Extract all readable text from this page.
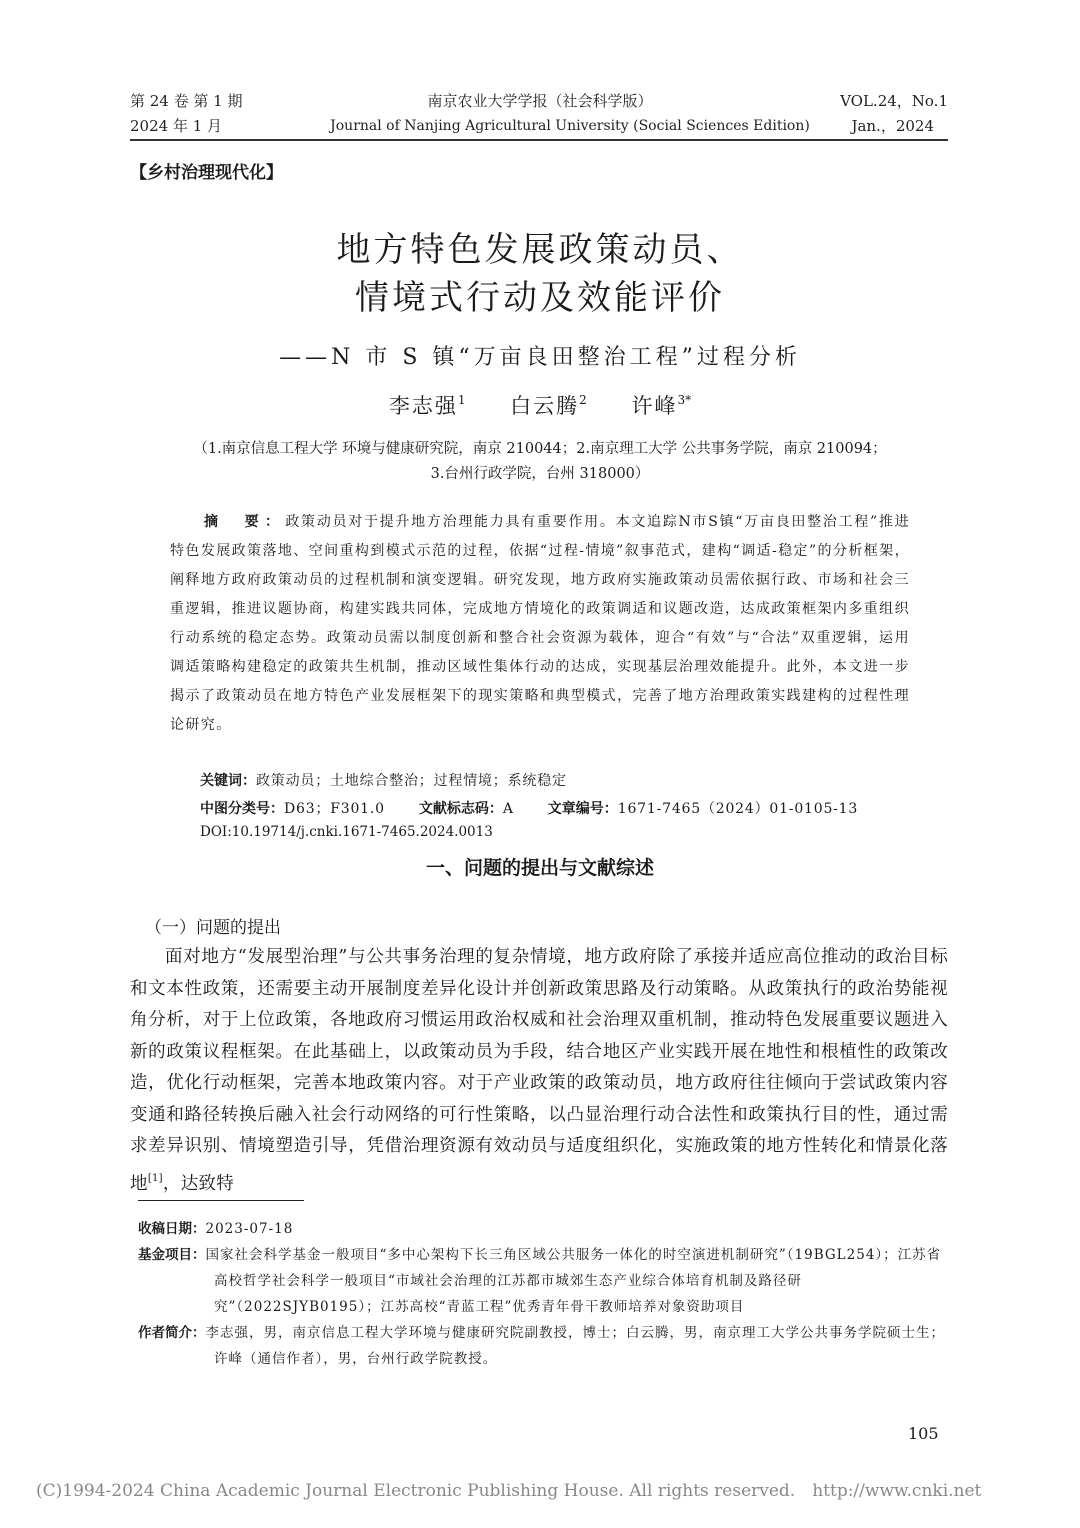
第 24 卷 第 1 期
2024 年 1 月
南京农业大学学报（社会科学版）
Journal of Nanjing Agricultural University (Social Sciences Edition)
VOL.24，No.1
Jan.，2024
【乡村治理现代化】
地方特色发展政策动员、
情境式行动及效能评价
——N 市 S 镇“万亩良田整治工程”过程分析
李志强$^1$ 白云腾$^2$ 许峰$^{3*}$
（1.南京信息工程大学 环境与健康研究院，南京 210044；2.南京理工大学 公共事务学院，南京 210094；
3.台州行政学院，台州 318000）
摘　要：政策动员对于提升地方治理能力具有重要作用。本文追踪N市S镇“万亩良田整治工程”推进特色发展政策落地、空间重构到模式示范的过程，依据“过程-情境”叙事范式，建构“调适-稳定”的分析框架，阐释地方政府政策动员的过程机制和演变逻辑。研究发现，地方政府实施政策动员需依据行政、市场和社会三重逻辑，推进议题协商，构建实践共同体，完成地方情境化的政策调适和议题改造，达成政策框架内多重组织行动系统的稳定态势。政策动员需以制度创新和整合社会资源为载体，迎合“有效”与“合法”双重逻辑，运用调适策略构建稳定的政策共生机制，推动区域性集体行动的达成，实现基层治理效能提升。此外，本文进一步揭示了政策动员在地方特色产业发展框架下的现实策略和典型模式，完善了地方治理政策实践建构的过程性理论研究。
关键词：政策动员；土地综合整治；过程情境；系统稳定
中图分类号：D63；F301.0 文献标志码：A 文章编号：1671-7465（2024）01-0105-13
DOI:10.19714/j.cnki.1671-7465.2024.0013
一、问题的提出与文献综述
（一）问题的提出
面对地方“发展型治理”与公共事务治理的复杂情境，地方政府除了承接并适应高位推动的政治目标和文本性政策，还需要主动开展制度差异化设计并创新政策思路及行动策略。从政策执行的政治势能视角分析，对于上位政策，各地政府习惯运用政治权威和社会治理双重机制，推动特色发展重要议题进入新的政策议程框架。在此基础上，以政策动员为手段，结合地区产业实践开展在地性和根植性的政策改造，优化行动框架，完善本地政策内容。对于产业政策的政策动员，地方政府往往倾向于尝试政策内容变通和路径转换后融入社会行动网络的可行性策略，以凸显治理行动合法性和政策执行目的性，通过需求差异识别、情境塑造引导，凭借治理资源有效动员与适度组织化，实施政策的地方性转化和情景化落地[1]，达致特
收稿日期：2023-07-18
基金项目：国家社会科学基金一般项目“多中心架构下长三角区域公共服务一体化的时空演进机制研究”（19BGL254）；江苏省高校哲学社会科学一般项目“市域社会治理的江苏都市城郊生态产业综合体培育机制及路径研究”（2022SJYB0195）；江苏高校“青蓝工程”优秀青年骨干教师培养对象资助项目
作者简介：李志强，男，南京信息工程大学环境与健康研究院副教授，博士；白云腾，男，南京理工大学公共事务学院硕士生；许峰（通信作者），男，台州行政学院教授。
105
(C)1994-2024 China Academic Journal Electronic Publishing House. All rights reserved.　http://www.cnki.net
